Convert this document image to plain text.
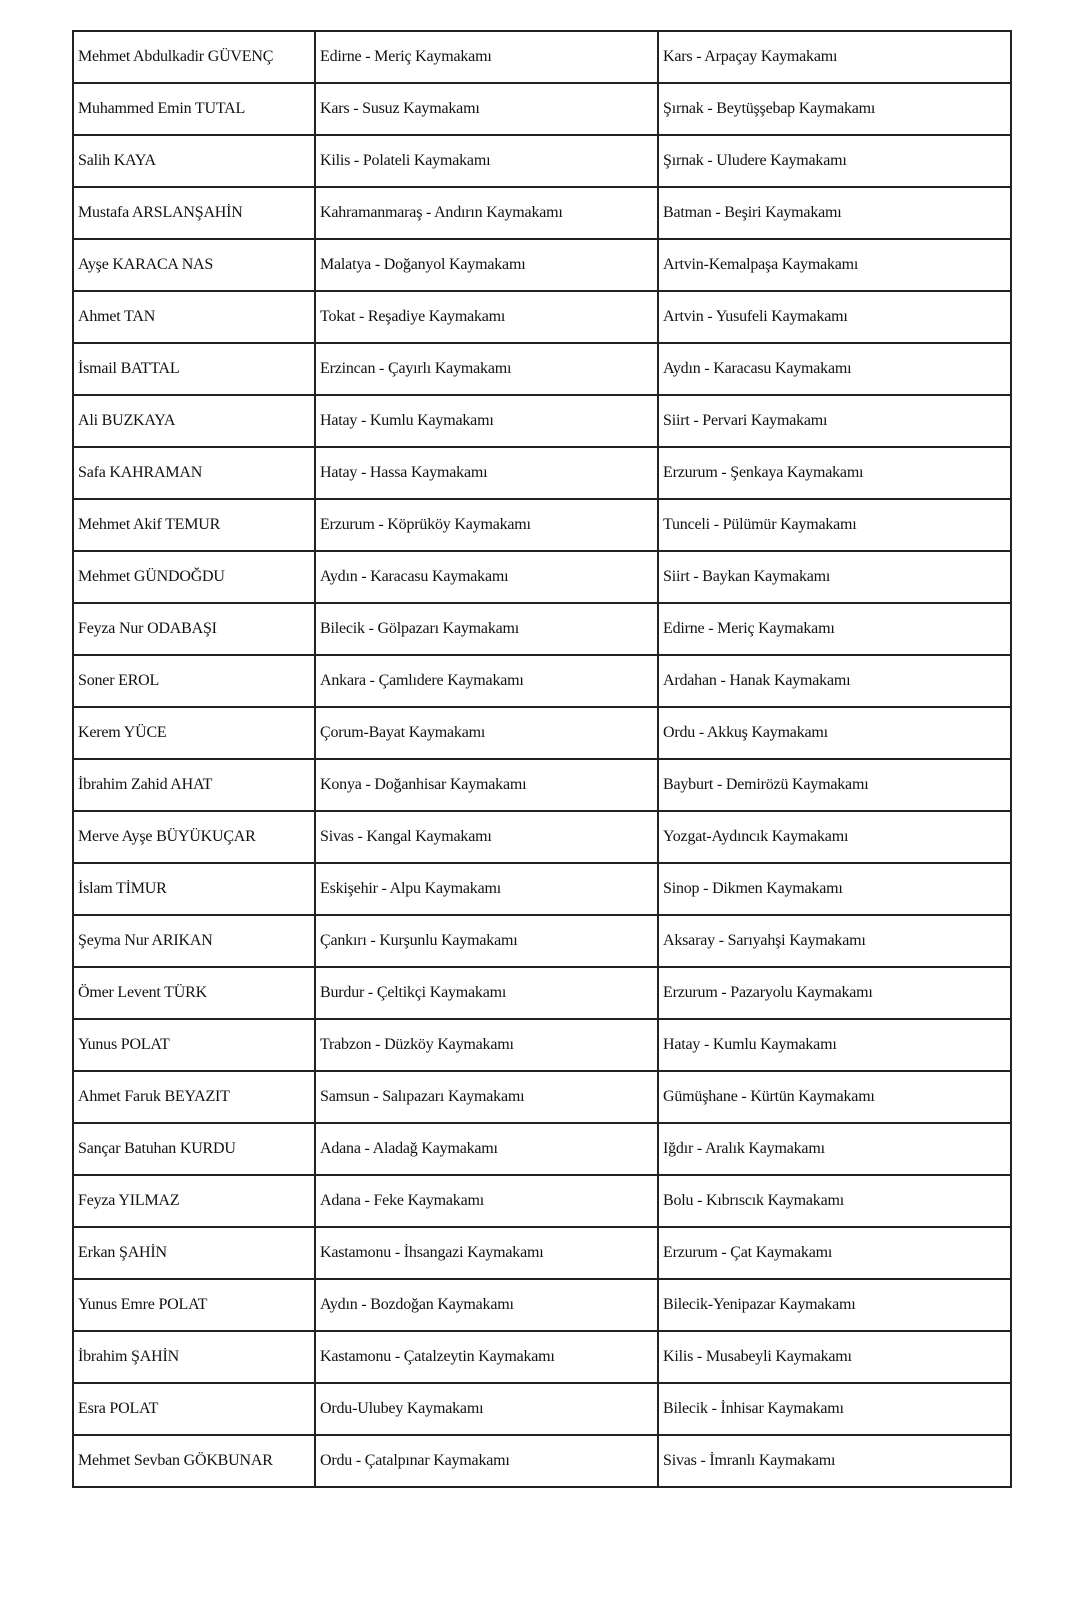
Mehmet Abdulkadir GÜVENÇ	Edirne - Meriç Kaymakamı	Kars - Arpaçay Kaymakamı
Muhammed Emin TUTAL	Kars - Susuz Kaymakamı	Şırnak - Beytüşşebap Kaymakamı
Salih KAYA	Kilis - Polateli Kaymakamı	Şırnak - Uludere Kaymakamı
Mustafa ARSLANŞAHİN	Kahramanmaraş - Andırın Kaymakamı	Batman - Beşiri Kaymakamı
Ayşe KARACA NAS	Malatya - Doğanyol Kaymakamı	Artvin-Kemalpaşa Kaymakamı
Ahmet TAN	Tokat - Reşadiye Kaymakamı	Artvin - Yusufeli Kaymakamı
İsmail BATTAL	Erzincan - Çayırlı Kaymakamı	Aydın - Karacasu Kaymakamı
Ali BUZKAYA	Hatay - Kumlu Kaymakamı	Siirt - Pervari Kaymakamı
Safa KAHRAMAN	Hatay - Hassa Kaymakamı	Erzurum - Şenkaya Kaymakamı
Mehmet Akif TEMUR	Erzurum - Köprüköy Kaymakamı	Tunceli - Pülümür Kaymakamı
Mehmet GÜNDOĞDU	Aydın - Karacasu Kaymakamı	Siirt - Baykan Kaymakamı
Feyza Nur ODABAŞI	Bilecik - Gölpazarı Kaymakamı	Edirne - Meriç Kaymakamı
Soner EROL	Ankara - Çamlıdere Kaymakamı	Ardahan - Hanak Kaymakamı
Kerem YÜCE	Çorum-Bayat Kaymakamı	Ordu - Akkuş Kaymakamı
İbrahim Zahid AHAT	Konya - Doğanhisar Kaymakamı	Bayburt - Demirözü Kaymakamı
Merve Ayşe BÜYÜKUÇAR	Sivas - Kangal Kaymakamı	Yozgat-Aydıncık Kaymakamı
İslam TİMUR	Eskişehir - Alpu Kaymakamı	Sinop - Dikmen Kaymakamı
Şeyma Nur ARIKAN	Çankırı - Kurşunlu Kaymakamı	Aksaray - Sarıyahşi Kaymakamı
Ömer Levent TÜRK	Burdur - Çeltikçi Kaymakamı	Erzurum - Pazaryolu Kaymakamı
Yunus POLAT	Trabzon - Düzköy Kaymakamı	Hatay - Kumlu Kaymakamı
Ahmet Faruk BEYAZIT	Samsun - Salıpazarı Kaymakamı	Gümüşhane - Kürtün Kaymakamı
Sançar Batuhan KURDU	Adana - Aladağ Kaymakamı	Iğdır - Aralık Kaymakamı
Feyza YILMAZ	Adana - Feke Kaymakamı	Bolu - Kıbrıscık Kaymakamı
Erkan ŞAHİN	Kastamonu - İhsangazi Kaymakamı	Erzurum - Çat Kaymakamı
Yunus Emre POLAT	Aydın - Bozdoğan Kaymakamı	Bilecik-Yenipazar Kaymakamı
İbrahim ŞAHİN	Kastamonu - Çatalzeytin Kaymakamı	Kilis - Musabeyli Kaymakamı
Esra POLAT	Ordu-Ulubey Kaymakamı	Bilecik - İnhisar Kaymakamı
Mehmet Sevban GÖKBUNAR	Ordu - Çatalpınar Kaymakamı	Sivas - İmranlı Kaymakamı
